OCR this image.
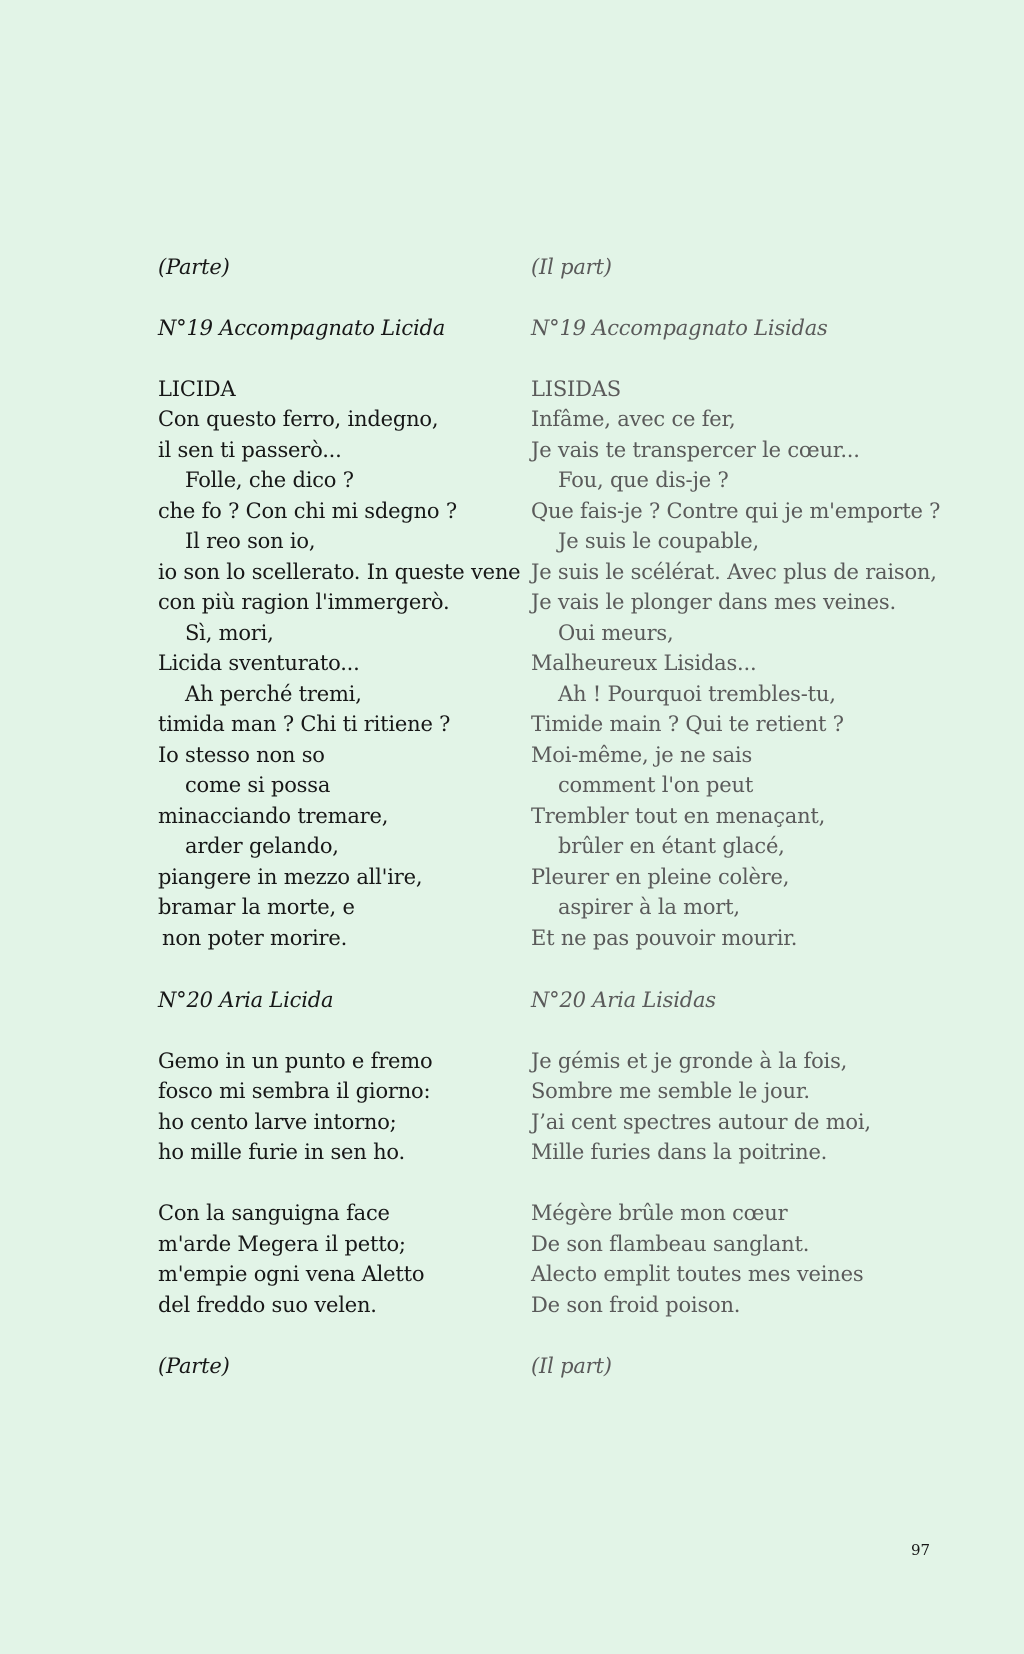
(Parte)
N°19 Accompagnato Licida
LICIDA
Con questo ferro, indegno,
il sen ti passerò...
Folle, che dico ?
che fo ? Con chi mi sdegno ?
Il reo son io,
io son lo scellerato. In queste vene
con più ragion l'immergerò.
Sì, mori,
Licida sventurato...
Ah perché tremi,
timida man ? Chi ti ritiene ?
Io stesso non so
come si possa
minacciando tremare,
arder gelando,
piangere in mezzo all'ire,
bramar la morte, e
non poter morire.
N°20 Aria Licida
Gemo in un punto e fremo
fosco mi sembra il giorno:
ho cento larve intorno;
ho mille furie in sen ho.
Con la sanguigna face
m'arde Megera il petto;
m'empie ogni vena Aletto
del freddo suo velen.
(Parte)
(Il part)
N°19 Accompagnato Lisidas
LISIDAS
Infâme, avec ce fer,
Je vais te transpercer le cœur...
Fou, que dis-je ?
Que fais-je ? Contre qui je m'emporte ?
Je suis le coupable,
Je suis le scélérat. Avec plus de raison,
Je vais le plonger dans mes veines.
Oui meurs,
Malheureux Lisidas...
Ah ! Pourquoi trembles-tu,
Timide main ? Qui te retient ?
Moi-même, je ne sais
comment l'on peut
Trembler tout en menaçant,
brûler en étant glacé,
Pleurer en pleine colère,
aspirer à la mort,
Et ne pas pouvoir mourir.
N°20 Aria Lisidas
Je gémis et je gronde à la fois,
Sombre me semble le jour.
J’ai cent spectres autour de moi,
Mille furies dans la poitrine.
Mégère brûle mon cœur
De son flambeau sanglant.
Alecto emplit toutes mes veines
De son froid poison.
(Il part)
97
